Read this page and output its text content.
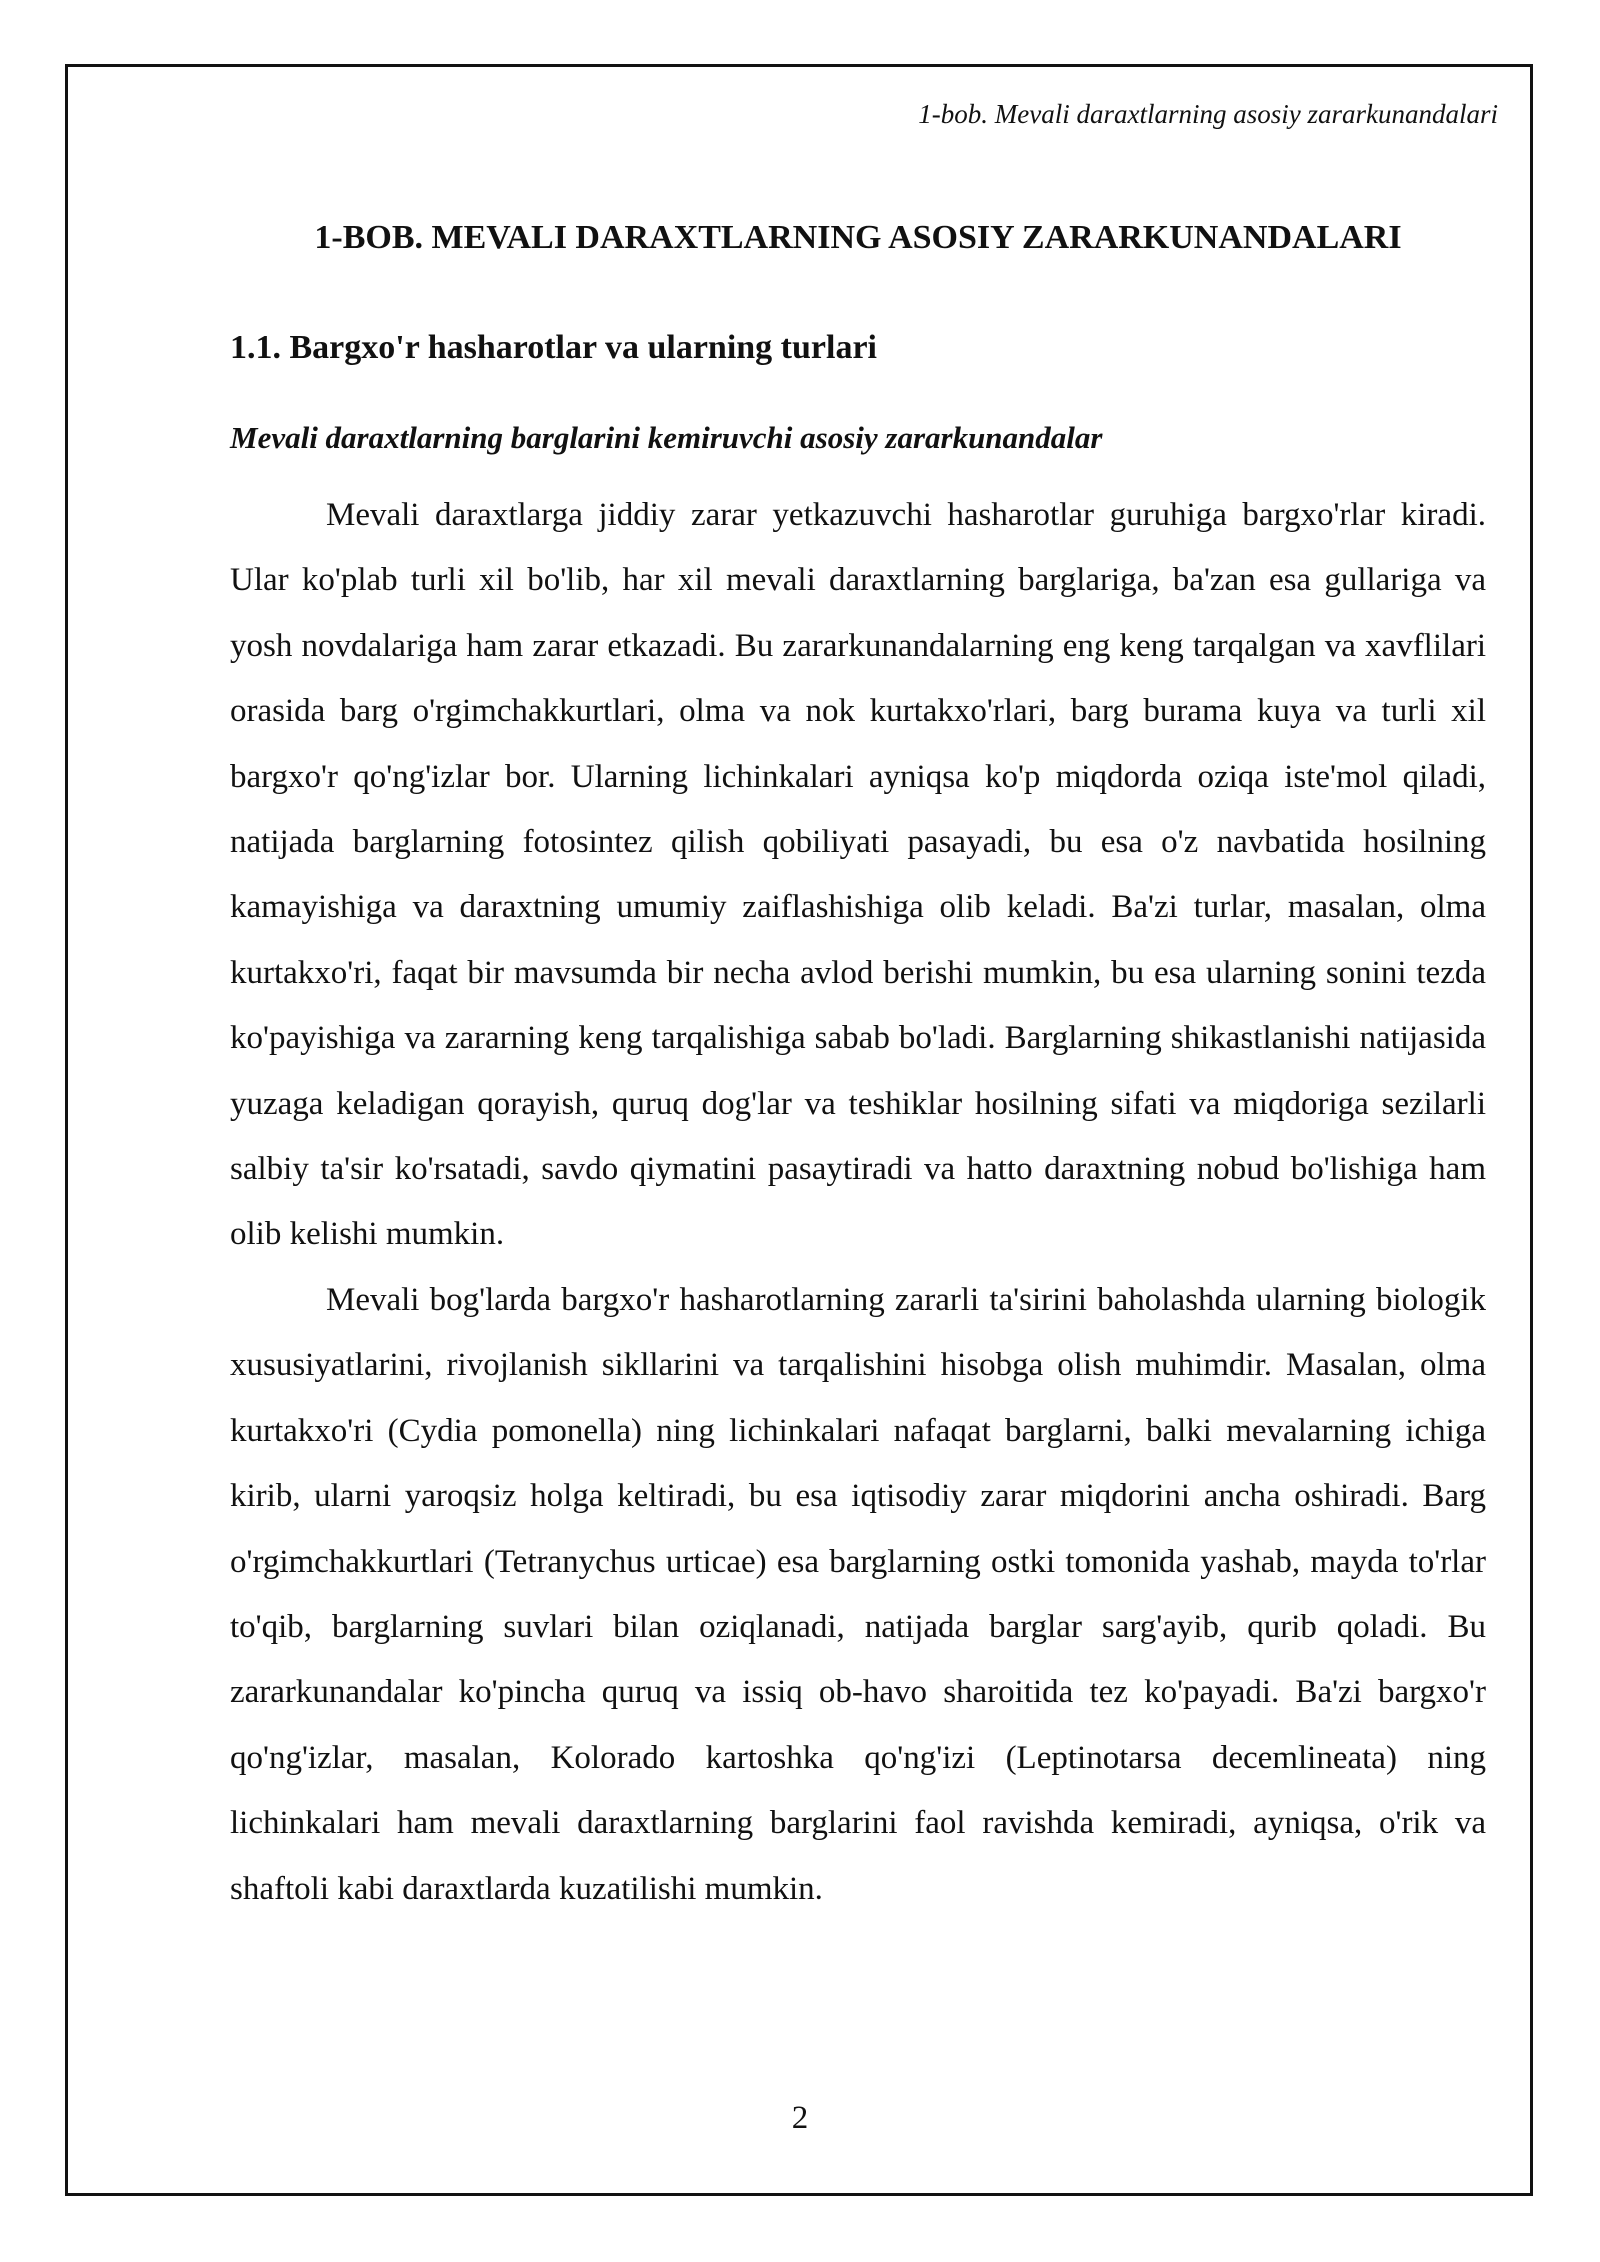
1-bob. Mevali daraxtlarning asosiy zararkunandalari
1-BOB. MEVALI DARAXTLARNING ASOSIY ZARARKUNANDALARI
1.1. Bargxo'r hasharotlar va ularning turlari
Mevali daraxtlarning barglarini kemiruvchi asosiy zararkunandalar

Mevali daraxtlarga jiddiy zarar yetkazuvchi hasharotlar guruhiga bargxo'rlar kiradi. Ular ko'plab turli xil bo'lib, har xil mevali daraxtlarning barglariga, ba'zan esa gullariga va yosh novdalariga ham zarar etkazadi. Bu zararkunandalarning eng keng tarqalgan va xavflilari orasida barg o'rgimchakkurtlari, olma va nok kurtakxo'rlari, barg burama kuya va turli xil bargxo'r qo'ng'izlar bor. Ularning lichinkalari ayniqsa ko'p miqdorda oziqa iste'mol qiladi, natijada barglarning fotosintez qilish qobiliyati pasayadi, bu esa o'z navbatida hosilning kamayishiga va daraxtning umumiy zaiflashishiga olib keladi. Ba'zi turlar, masalan, olma kurtakxo'ri, faqat bir mavsumda bir necha avlod berishi mumkin, bu esa ularning sonini tezda ko'payishiga va zararning keng tarqalishiga sabab bo'ladi. Barglarning shikastlanishi natijasida yuzaga keladigan qorayish, quruq dog'lar va teshiklar hosilning sifati va miqdoriga sezilarli salbiy ta'sir ko'rsatadi, savdo qiymatini pasaytiradi va hatto daraxtning nobud bo'lishiga ham olib kelishi mumkin.

Mevali bog'larda bargxo'r hasharotlarning zararli ta'sirini baholashda ularning biologik xususiyatlarini, rivojlanish sikllarini va tarqalishini hisobga olish muhimdir. Masalan, olma kurtakxo'ri (Cydia pomonella) ning lichinkalari nafaqat barglarni, balki mevalarning ichiga kirib, ularni yaroqsiz holga keltiradi, bu esa iqtisodiy zarar miqdorini ancha oshiradi. Barg o'rgimchakkurtlari (Tetranychus urticae) esa barglarning ostki tomonida yashab, mayda to'rlar to'qib, barglarning suvlari bilan oziqlanadi, natijada barglar sarg'ayib, qurib qoladi. Bu zararkunandalar ko'pincha quruq va issiq ob-havo sharoitida tez ko'payadi. Ba'zi bargxo'r qo'ng'izlar, masalan, Kolorado kartoshka qo'ng'izi (Leptinotarsa decemlineata) ning lichinkalari ham mevali daraxtlarning barglarini faol ravishda kemiradi, ayniqsa, o'rik va shaftoli kabi daraxtlarda kuzatilishi mumkin.

2
